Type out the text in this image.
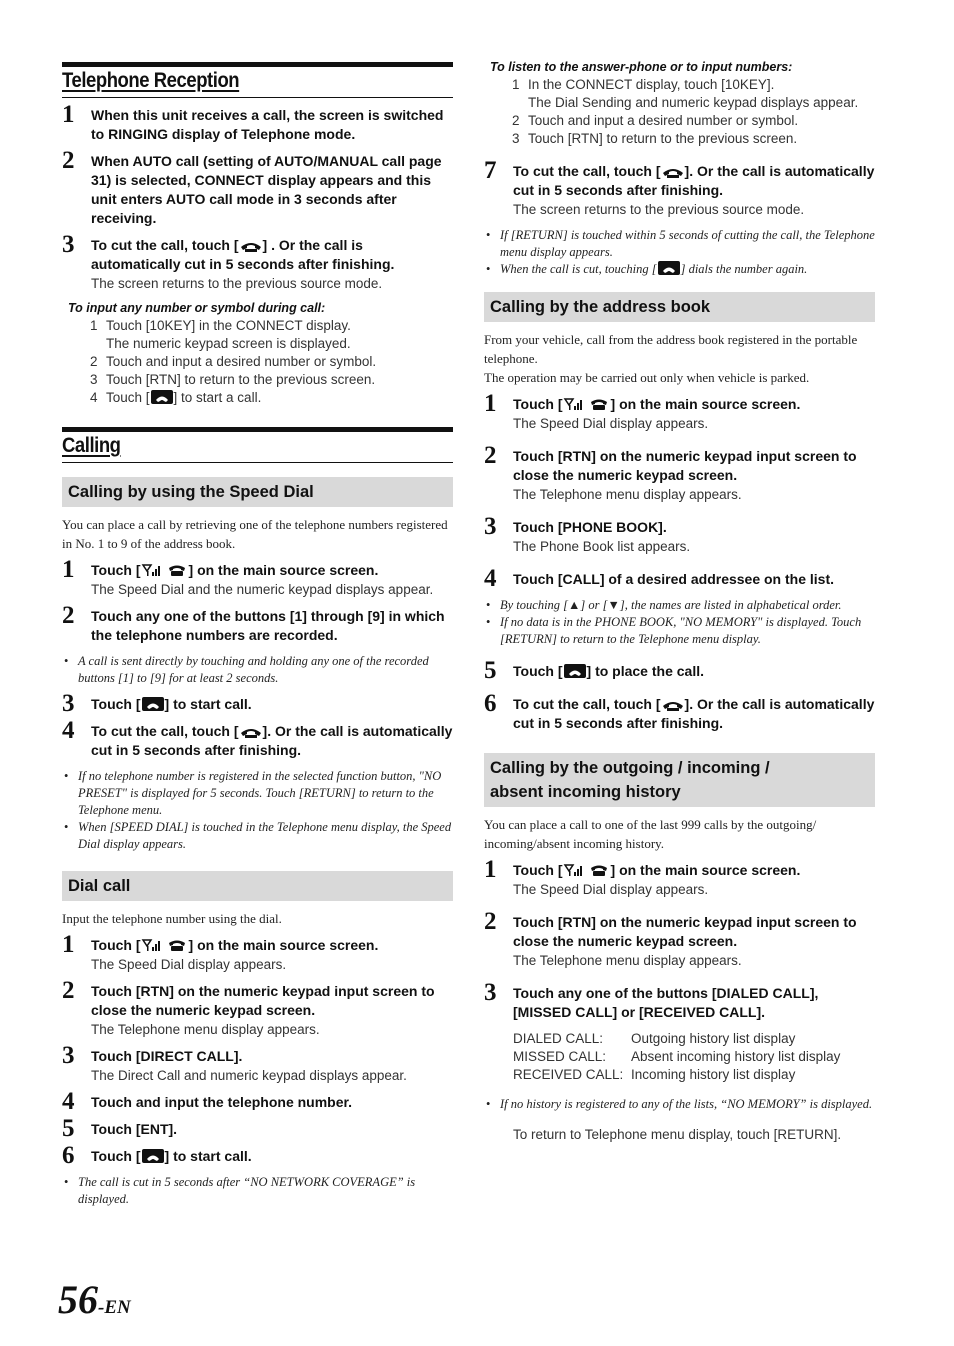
Telephone Reception
1 When this unit receives a call, the screen is switched to RINGING display of Telephone mode.
2 When AUTO call (setting of AUTO/MANUAL call page 31) is selected, CONNECT display appears and this unit enters AUTO call mode in 3 seconds after receiving.
3 To cut the call, touch [ ] . Or the call is automatically cut in 5 seconds after finishing.
The screen returns to the previous source mode.
To input any number or symbol during call:
1 Touch [10KEY] in the CONNECT display.
The numeric keypad screen is displayed.
2 Touch and input a desired number or symbol.
3 Touch [RTN] to return to the previous screen.
4 Touch [ ] to start a call.
Calling
Calling by using the Speed Dial
You can place a call by retrieving one of the telephone numbers registered in No. 1 to 9 of the address book.
1 Touch [	] on the main source screen.
The Speed Dial and the numeric keypad displays appear.
2 Touch any one of the buttons [1] through [9] in which the telephone numbers are recorded.
• A call is sent directly by touching and holding any one of the recorded buttons [1] to [9] for at least 2 seconds.
3 Touch [ ] to start call.
4 To cut the call, touch [ ]. Or the call is automatically cut in 5 seconds after finishing.
• If no telephone number is registered in the selected function button, "NO PRESET" is displayed for 5 seconds. Touch [RETURN] to return to the Telephone menu.
• When [SPEED DIAL] is touched in the Telephone menu display, the Speed Dial display appears.
Dial call
Input the telephone number using the dial.
1 Touch [	] on the main source screen.
The Speed Dial display appears.
2 Touch [RTN] on the numeric keypad input screen to close the numeric keypad screen.
The Telephone menu display appears.
3 Touch [DIRECT CALL].
The Direct Call and numeric keypad displays appear.
4 Touch and input the telephone number.
5 Touch [ENT].
6 Touch [ ] to start call.
• The call is cut in 5 seconds after “NO NETWORK COVERAGE” is displayed.
To listen to the answer-phone or to input numbers:
1 In the CONNECT display, touch [10KEY].
The Dial Sending and numeric keypad displays appear.
2 Touch and input a desired number or symbol.
3 Touch [RTN] to return to the previous screen.
7 To cut the call, touch [ ]. Or the call is automatically cut in 5 seconds after finishing.
The screen returns to the previous source mode.
• If [RETURN] is touched within 5 seconds of cutting the call, the Telephone menu display appears.
• When the call is cut, touching [ ] dials the number again.
Calling by the address book
From your vehicle, call from the address book registered in the portable telephone.
The operation may be carried out only when vehicle is parked.
1 Touch [	] on the main source screen.
The Speed Dial display appears.
2 Touch [RTN] on the numeric keypad input screen to close the numeric keypad screen.
The Telephone menu display appears.
3 Touch [PHONE BOOK].
The Phone Book list appears.
4 Touch [CALL] of a desired addressee on the list.
• By touching [▲] or [▼], the names are listed in alphabetical order.
• If no data is in the PHONE BOOK, "NO MEMORY" is displayed. Touch [RETURN] to return to the Telephone menu display.
5 Touch [ ] to place the call.
6 To cut the call, touch [ ]. Or the call is automatically cut in 5 seconds after finishing.
Calling by the outgoing / incoming /
absent incoming history
You can place a call to one of the last 999 calls by the outgoing/ incoming/absent incoming history.
1 Touch [	] on the main source screen.
The Speed Dial display appears.
2 Touch [RTN] on the numeric keypad input screen to close the numeric keypad screen.
The Telephone menu display appears.
3 Touch any one of the buttons [DIALED CALL], [MISSED CALL] or [RECEIVED CALL].
DIALED CALL:	Outgoing history list display
MISSED CALL:	Absent incoming history list display
RECEIVED CALL: Incoming history list display
• If no history is registered to any of the lists, “NO MEMORY” is displayed.
To return to Telephone menu display, touch [RETURN].
56-EN
